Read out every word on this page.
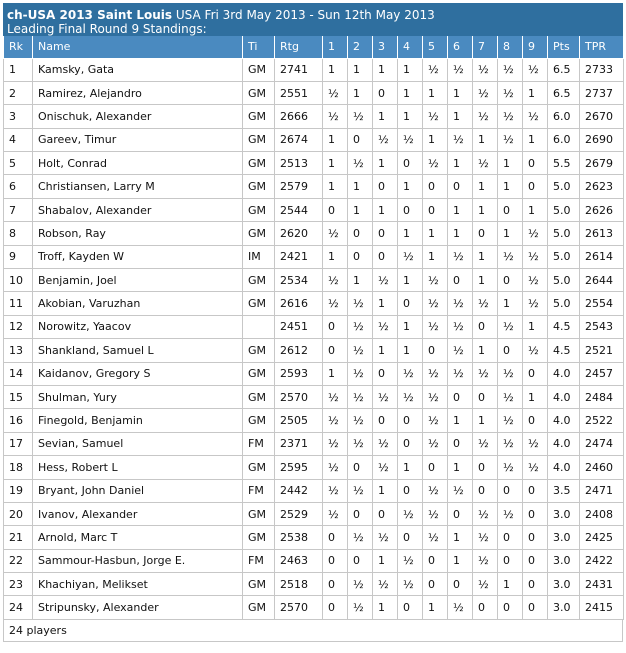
ch-USA 2013 Saint Louis USA Fri 3rd May 2013 - Sun 12th May 2013
Leading Final Round 9 Standings:
Rk	Name	Ti	Rtg	1	2	3	4	5	6	7	8	9	Pts	TPR
1	Kamsky, Gata	GM	2741	1	1	1	1	½	½	½	½	½	6.5	2733
2	Ramirez, Alejandro	GM	2551	½	1	0	1	1	1	½	½	1	6.5	2737
3	Onischuk, Alexander	GM	2666	½	½	1	1	½	1	½	½	½	6.0	2670
4	Gareev, Timur	GM	2674	1	0	½	½	1	½	1	½	1	6.0	2690
5	Holt, Conrad	GM	2513	1	½	1	0	½	1	½	1	0	5.5	2679
6	Christiansen, Larry M	GM	2579	1	1	0	1	0	0	1	1	0	5.0	2623
7	Shabalov, Alexander	GM	2544	0	1	1	0	0	1	1	0	1	5.0	2626
8	Robson, Ray	GM	2620	½	0	0	1	1	1	0	1	½	5.0	2613
9	Troff, Kayden W	IM	2421	1	0	0	½	1	½	1	½	½	5.0	2614
10	Benjamin, Joel	GM	2534	½	1	½	1	½	0	1	0	½	5.0	2644
11	Akobian, Varuzhan	GM	2616	½	½	1	0	½	½	½	1	½	5.0	2554
12	Norowitz, Yaacov		2451	0	½	½	1	½	½	0	½	1	4.5	2543
13	Shankland, Samuel L	GM	2612	0	½	1	1	0	½	1	0	½	4.5	2521
14	Kaidanov, Gregory S	GM	2593	1	½	0	½	½	½	½	½	0	4.0	2457
15	Shulman, Yury	GM	2570	½	½	½	½	½	0	0	½	1	4.0	2484
16	Finegold, Benjamin	GM	2505	½	½	0	0	½	1	1	½	0	4.0	2522
17	Sevian, Samuel	FM	2371	½	½	½	0	½	0	½	½	½	4.0	2474
18	Hess, Robert L	GM	2595	½	0	½	1	0	1	0	½	½	4.0	2460
19	Bryant, John Daniel	FM	2442	½	½	1	0	½	½	0	0	0	3.5	2471
20	Ivanov, Alexander	GM	2529	½	0	0	½	½	0	½	½	0	3.0	2408
21	Arnold, Marc T	GM	2538	0	½	½	0	½	1	½	0	0	3.0	2425
22	Sammour-Hasbun, Jorge E.	FM	2463	0	0	1	½	0	1	½	0	0	3.0	2422
23	Khachiyan, Melikset	GM	2518	0	½	½	½	0	0	½	1	0	3.0	2431
24	Stripunsky, Alexander	GM	2570	0	½	1	0	1	½	0	0	0	3.0	2415
24 players
